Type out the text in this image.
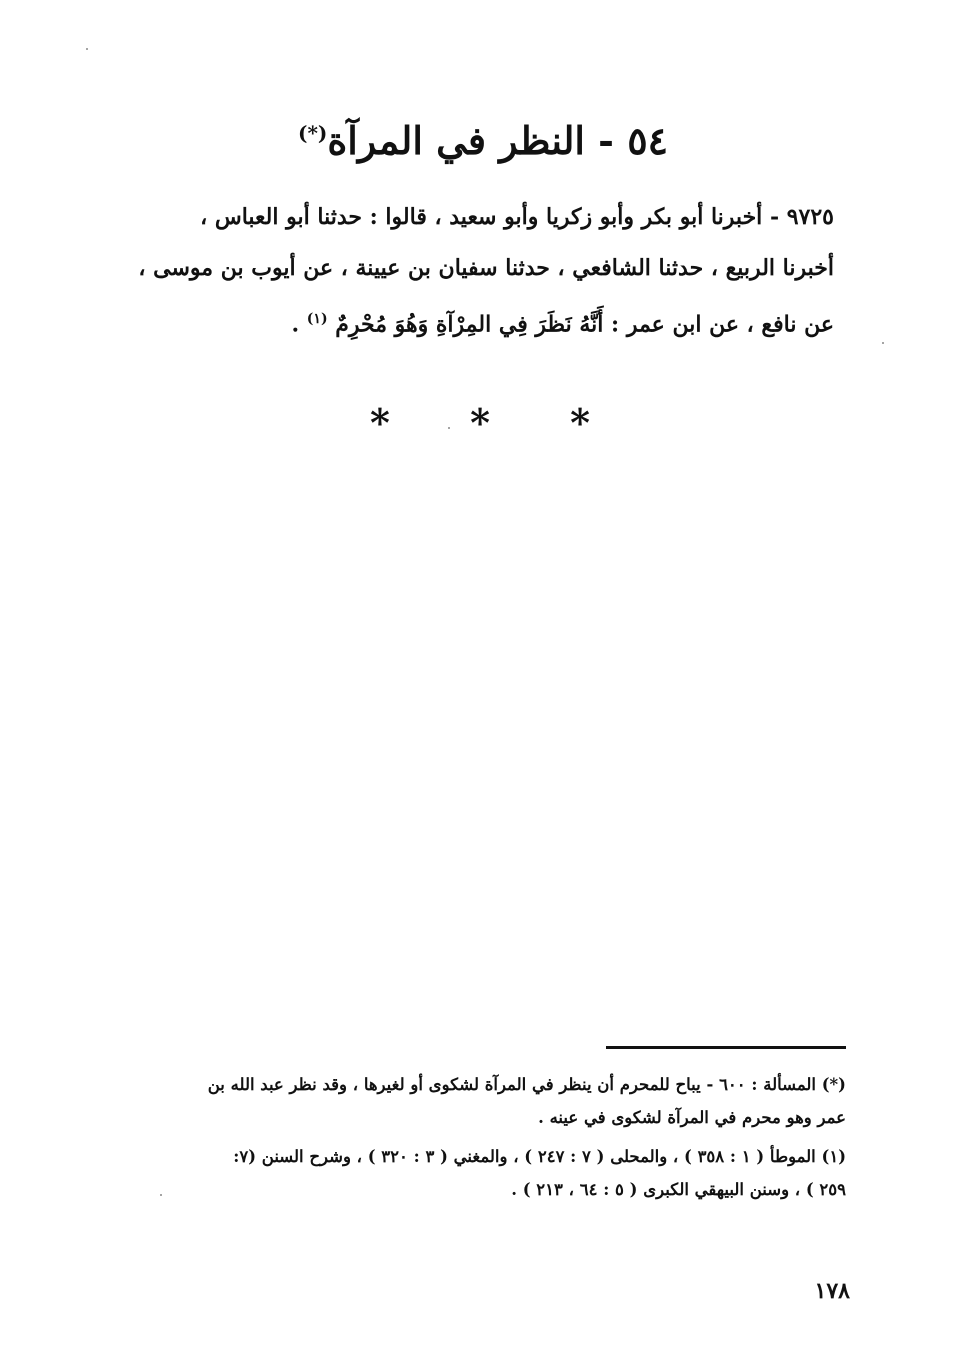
٥٤ - النظر في المرآة(*)

٩٧٢٥ - أخبرنا أبو بكر وأبو زكريا وأبو سعيد ، قالوا : حدثنا أبو العباس ،

أخبرنا الربيع ، حدثنا الشافعي ، حدثنا سفيان بن عيينة ، عن أيوب بن موسى ،

عن نافع ، عن ابن عمر : أَنَّهُ نَظَرَ فِي المِرْآةِ وَهُوَ مُحْرِمٌ $^{(١)}$ .

* * *
(*) المسألة : ٦٠٠ - يباح للمحرم أن ينظر في المرآة لشكوى أو لغيرها ، وقد نظر عبد الله بن
عمر وهو محرم في المرآة لشكوى في عينه .
(١) الموطأ ( ١ : ٣٥٨ ) ، والمحلى ( ٧ : ٢٤٧ ) ، والمغني ( ٣ : ٣٢٠ ) ، وشرح السنن (٧:
٢٥٩ ) ، وسنن البيهقي الكبرى ( ٥ : ٦٤ ، ٢١٣ ) .
١٧٨
